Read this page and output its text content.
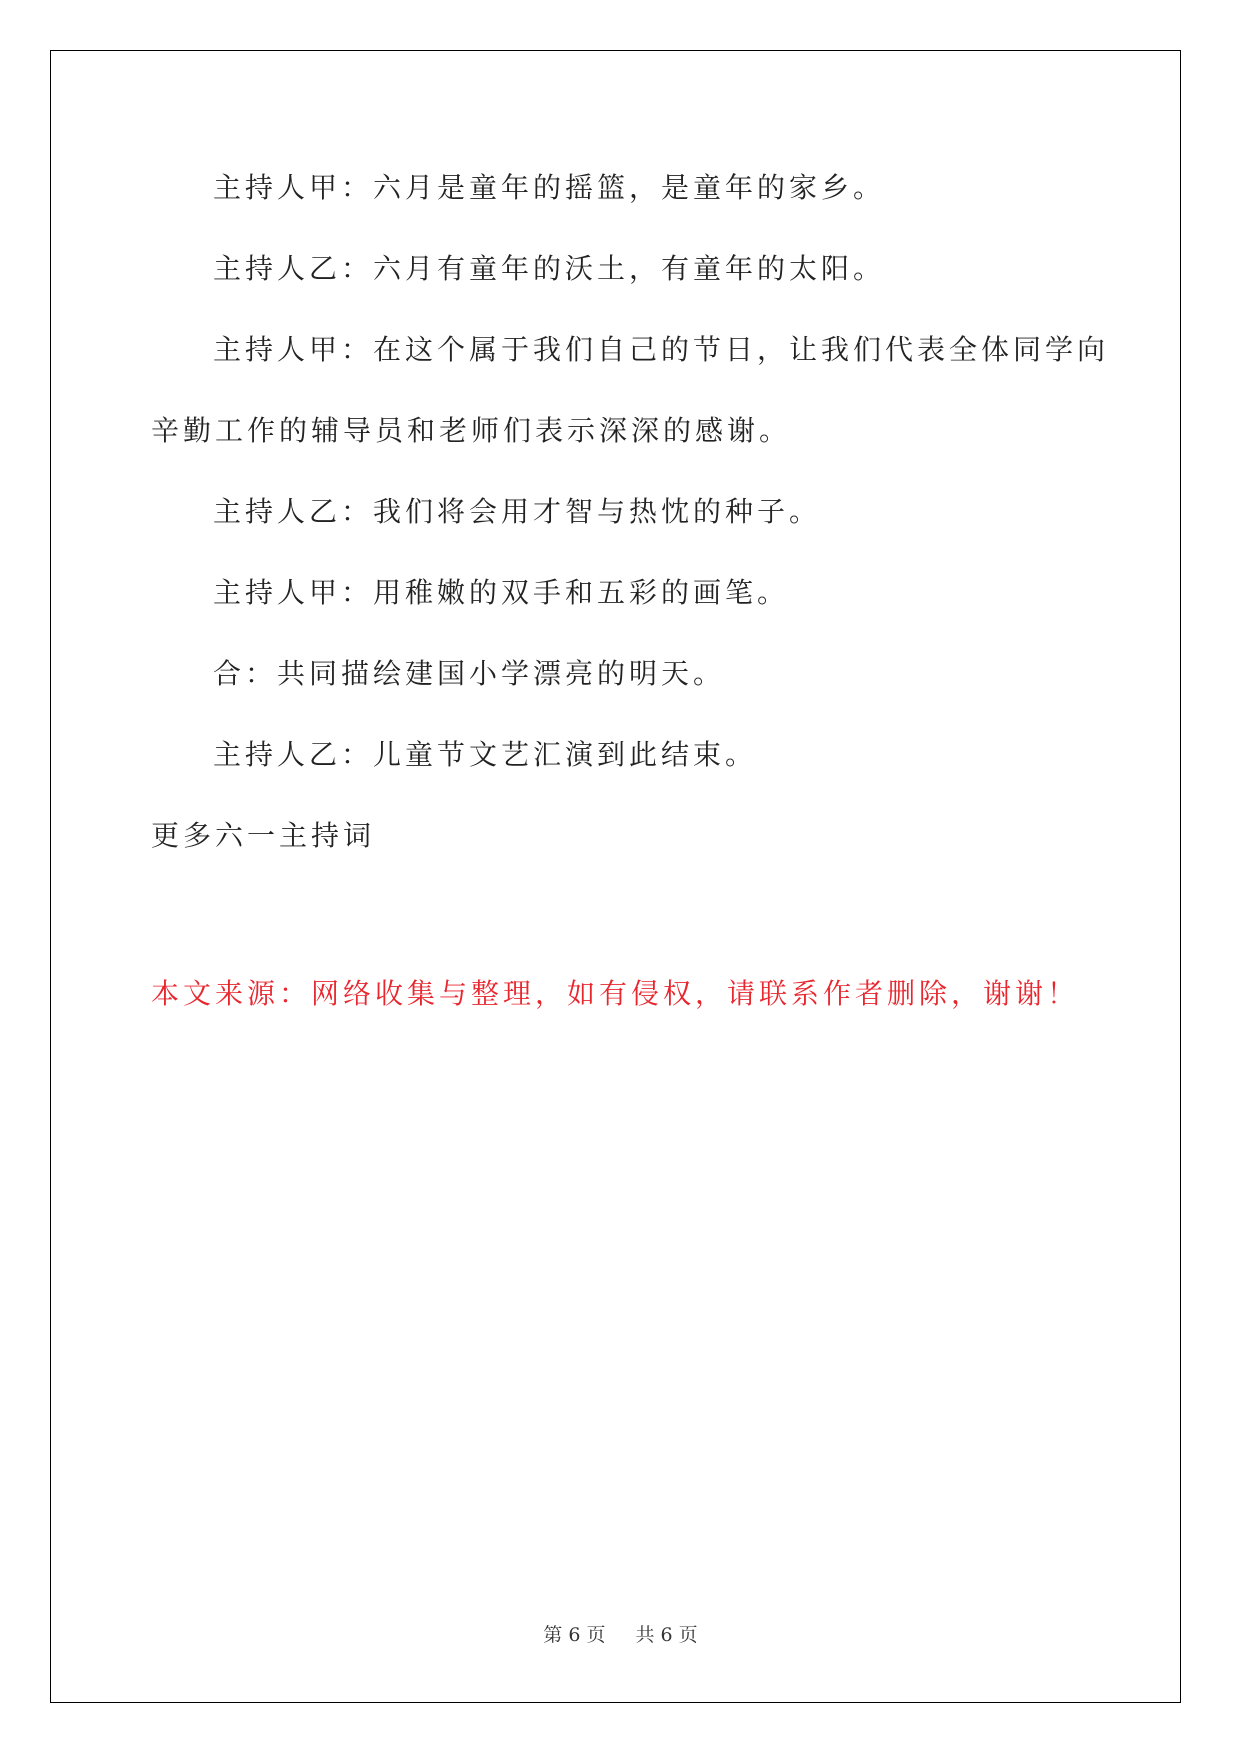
主持人甲：六月是童年的摇篮，是童年的家乡。

主持人乙：六月有童年的沃土，有童年的太阳。

主持人甲：在这个属于我们自己的节日，让我们代表全体同学向

辛勤工作的辅导员和老师们表示深深的感谢。

主持人乙：我们将会用才智与热忱的种子。

主持人甲：用稚嫩的双手和五彩的画笔。

合：共同描绘建国小学漂亮的明天。

主持人乙：儿童节文艺汇演到此结束。

更多六一主持词

本文来源：网络收集与整理，如有侵权，请联系作者删除，谢谢！
第 6 页 共 6 页
